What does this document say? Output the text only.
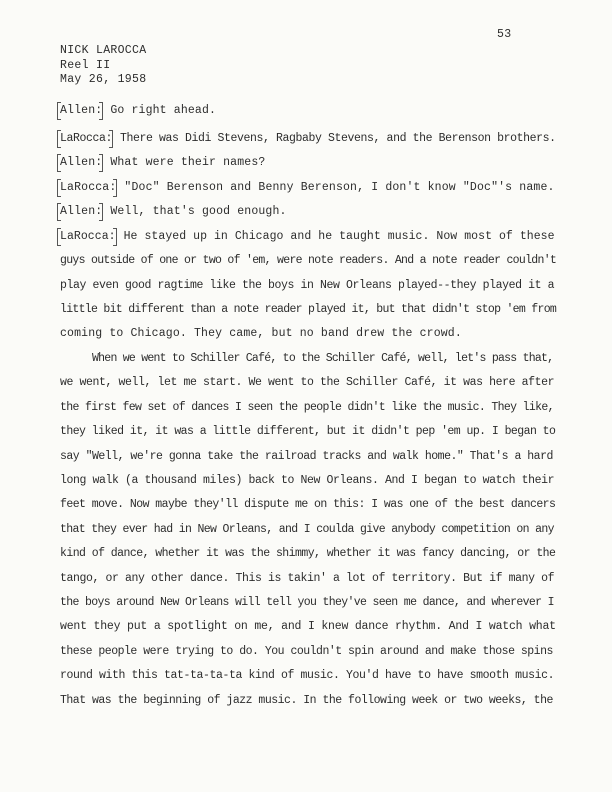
53
NICK LAROCCA
Reel II
May 26, 1958
Allen: Go right ahead.
LaRocca: There was Didi Stevens, Ragbaby Stevens, and the Berenson brothers.
Allen: What were their names?
LaRocca: "Doc" Berenson and Benny Berenson, I don't know "Doc"'s name.
Allen: Well, that's good enough.
LaRocca: He stayed up in Chicago and he taught music. Now most of these
guys outside of one or two of 'em, were note readers. And a note reader couldn't
play even good ragtime like the boys in New Orleans played--they played it a
little bit different than a note reader played it, but that didn't stop 'em from
coming to Chicago. They came, but no band drew the crowd.
When we went to Schiller Café, to the Schiller Café, well, let's pass that,
we went, well, let me start. We went to the Schiller Café, it was here after
the first few set of dances I seen the people didn't like the music. They like,
they liked it, it was a little different, but it didn't pep 'em up. I began to
say "Well, we're gonna take the railroad tracks and walk home." That's a hard
long walk (a thousand miles) back to New Orleans. And I began to watch their
feet move. Now maybe they'll dispute me on this: I was one of the best dancers
that they ever had in New Orleans, and I coulda give anybody competition on any
kind of dance, whether it was the shimmy, whether it was fancy dancing, or the
tango, or any other dance. This is takin' a lot of territory. But if many of
the boys around New Orleans will tell you they've seen me dance, and wherever I
went they put a spotlight on me, and I knew dance rhythm. And I watch what
these people were trying to do. You couldn't spin around and make those spins
round with this tat-ta-ta-ta kind of music. You'd have to have smooth music.
That was the beginning of jazz music. In the following week or two weeks, the
